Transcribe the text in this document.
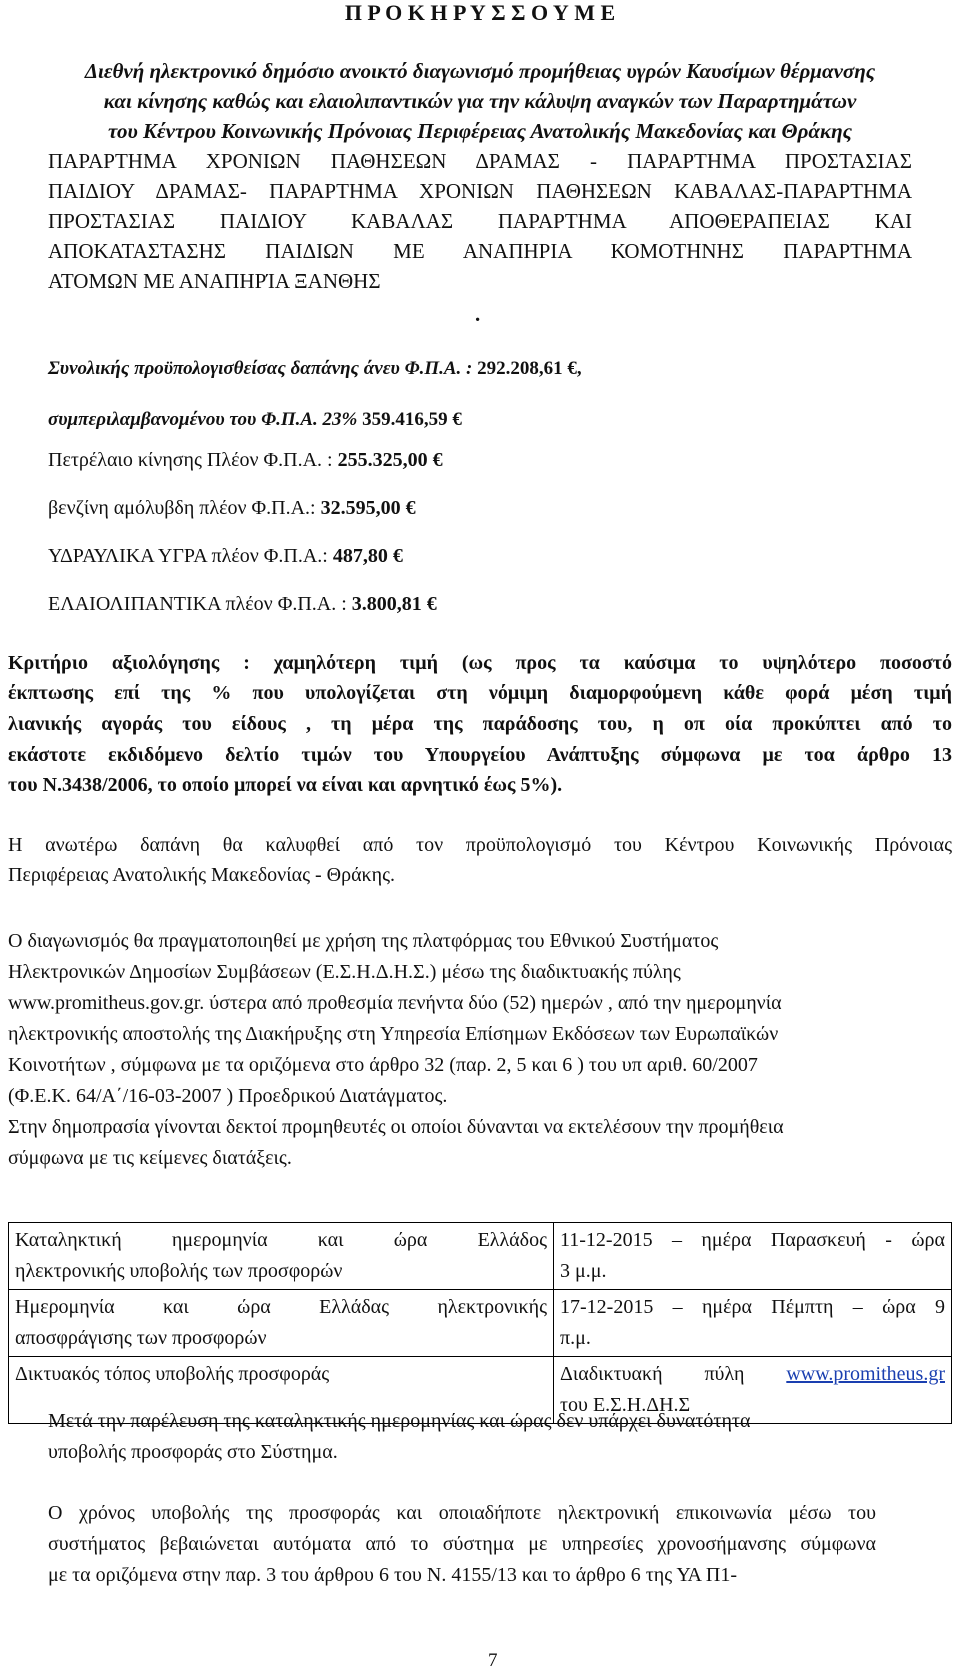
Π Ρ Ο Κ Η Ρ Υ Σ Σ Ο Υ Μ Ε
Διεθνή ηλεκτρονικό δημόσιο ανοικτό διαγωνισμό προμήθειας υγρών Καυσίμων θέρμανσης
και κίνησης καθώς και ελαιολιπαντικών για την κάλυψη αναγκών των Παραρτημάτων
του Κέντρου Κοινωνικής Πρόνοιας Περιφέρειας Ανατολικής Μακεδονίας και Θράκης
ΠΑΡΑΡΤΗΜΑ ΧΡΟΝΙΩΝ ΠΑΘΗΣΕΩΝ ΔΡΑΜΑΣ - ΠΑΡΑΡΤΗΜΑ ΠΡΟΣΤΑΣΙΑΣ
ΠΑΙΔΙΟΥ ΔΡΑΜΑΣ- ΠΑΡΑΡΤΗΜΑ ΧΡΟΝΙΩΝ ΠΑΘΗΣΕΩΝ ΚΑΒΑΛΑΣ-ΠΑΡΑΡΤΗΜΑ
ΠΡΟΣΤΑΣΙΑΣ ΠΑΙΔΙΟΥ ΚΑΒΑΛΑΣ ΠΑΡΑΡΤΗΜΑ ΑΠΟΘΕΡΑΠΕΙΑΣ ΚΑΙ
ΑΠΟΚΑΤΑΣΤΑΣΗΣ ΠΑΙΔΙΩΝ ΜΕ ΑΝΑΠΗΡΙΑ ΚΟΜΟΤΗΝΗΣ ΠΑΡΑΡΤΗΜΑ
ΑΤΟΜΩΝ ΜΕ ΑΝΑΠΗΡΊΑ ΞΑΝΘΗΣ
.
Συνολικής προϋπολογισθείσας δαπάνης άνευ Φ.Π.Α. : 292.208,61 €,
συμπεριλαμβανομένου του Φ.Π.Α. 23% 359.416,59 €
Πετρέλαιο κίνησης Πλέον Φ.Π.Α. : 255.325,00 €
βενζίνη αμόλυβδη πλέον Φ.Π.Α.: 32.595,00 €
ΥΔΡΑΥΛΙΚΑ ΥΓΡΑ πλέον Φ.Π.Α.: 487,80 €
ΕΛΑΙΟΛΙΠΑΝΤΙΚΑ πλέον Φ.Π.Α. : 3.800,81 €
Κριτήριο αξιολόγησης : χαμηλότερη τιμή (ως προς τα καύσιμα το υψηλότερο ποσοστό
έκπτωσης επί της % που υπολογίζεται στη νόμιμη διαμορφούμενη κάθε φορά μέση τιμή
λιανικής αγοράς του είδους , τη μέρα της παράδοσης του, η οπ οία προκύπτει από το
εκάστοτε εκδιδόμενο δελτίο τιμών του Υπουργείου Ανάπτυξης σύμφωνα με τοα άρθρο 13
του Ν.3438/2006, το οποίο μπορεί να είναι και αρνητικό έως 5%).
Η ανωτέρω δαπάνη θα καλυφθεί από τον προϋπολογισμό του Κέντρου Κοινωνικής Πρόνοιας
Περιφέρειας Ανατολικής Μακεδονίας - Θράκης.
Ο διαγωνισμός θα πραγματοποιηθεί με χρήση της πλατφόρμας του Εθνικού Συστήματος
Ηλεκτρονικών Δημοσίων Συμβάσεων (Ε.Σ.Η.Δ.Η.Σ.) μέσω της διαδικτυακής πύλης
www.promitheus.gov.gr. ύστερα από προθεσμία πενήντα δύο (52) ημερών , από την ημερομηνία
ηλεκτρονικής αποστολής της Διακήρυξης στη Υπηρεσία Επίσημων Εκδόσεων των Ευρωπαϊκών
Κοινοτήτων , σύμφωνα με τα οριζόμενα στο άρθρο 32 (παρ. 2, 5 και 6 ) του υπ αριθ. 60/2007
(Φ.Ε.Κ. 64/Α΄/16-03-2007 ) Προεδρικού Διατάγματος.
Στην δημοπρασία γίνονται δεκτοί προμηθευτές οι οποίοι δύνανται να εκτελέσουν την προμήθεια
σύμφωνα με τις κείμενες διατάξεις.
Καταληκτική ημερομηνία και ώρα Ελλάδος
ηλεκτρονικής υποβολής των προσφορών	11-12-2015 – ημέρα Παρασκευή - ώρα
3 μ.μ.

Ημερομηνία και ώρα Ελλάδας ηλεκτρονικής
αποσφράγισης των προσφορών	17-12-2015 – ημέρα Πέμπτη – ώρα 9
π.μ.
Δικτυακός τόπος υποβολής προσφοράς	Διαδικτυακή πύλη www.promitheus.gr
του Ε.Σ.Η.ΔΗ.Σ
Μετά την παρέλευση της καταληκτικής ημερομηνίας και ώρας δεν υπάρχει δυνατότητα
υποβολής προσφοράς στο Σύστημα.
Ο χρόνος υποβολής της προσφοράς και οποιαδήποτε ηλεκτρονική επικοινωνία μέσω του
συστήματος βεβαιώνεται αυτόματα από το σύστημα με υπηρεσίες χρονοσήμανσης σύμφωνα
με τα οριζόμενα στην παρ. 3 του άρθρου 6 του Ν. 4155/13 και το άρθρο 6 της ΥΑ Π1-
7
